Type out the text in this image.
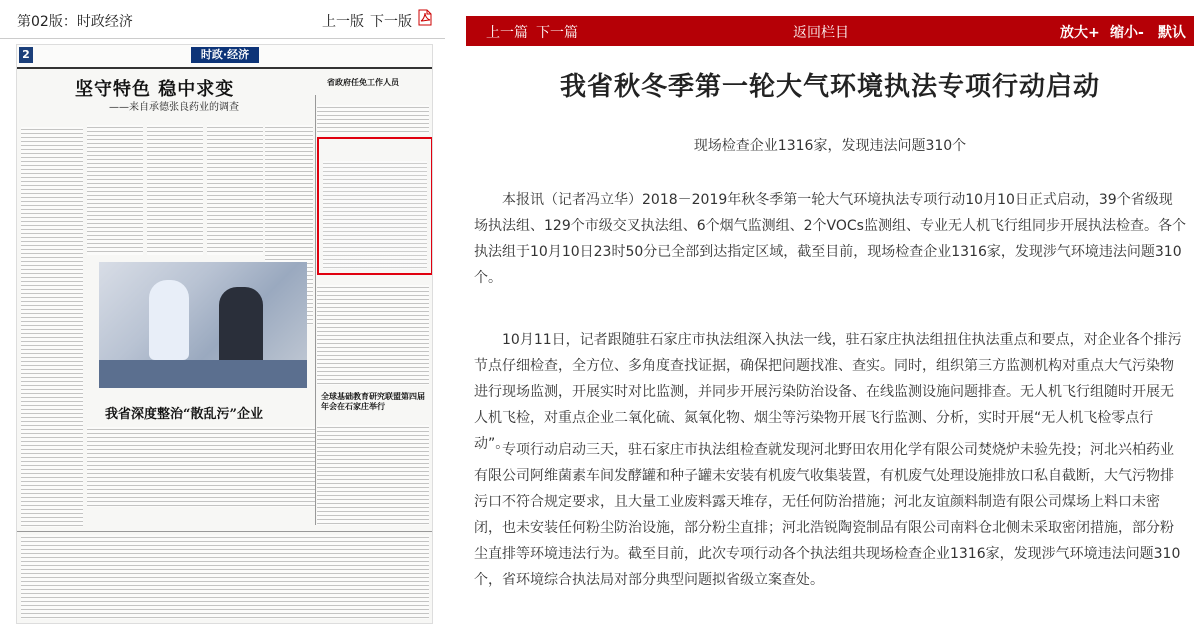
第02版：时政经济	上一版 下一版
2	时政·经济
坚守特色 稳中求变
——来自承德张良药业的调查
省政府任免工作人员
全球基础教育研究联盟第四届年会在石家庄举行
我省深度整治“散乱污”企业
上一篇 下一篇	返回栏目	放大+ 缩小- 默认
我省秋冬季第一轮大气环境执法专项行动启动
现场检查企业1316家，发现违法问题310个

本报讯（记者冯立华）2018－2019年秋冬季第一轮大气环境执法专项行动10月10日正式启动，39个省级现场执法组、129个市级交叉执法组、6个烟气监测组、2个VOCs监测组、专业无人机飞行组同步开展执法检查。各个执法组于10月10日23时50分已全部到达指定区域，截至目前，现场检查企业1316家，发现涉气环境违法问题310个。

10月11日，记者跟随驻石家庄市执法组深入执法一线，驻石家庄执法组扭住执法重点和要点，对企业各个排污节点仔细检查，全方位、多角度查找证据，确保把问题找准、查实。同时，组织第三方监测机构对重点大气污染物进行现场监测，开展实时对比监测，并同步开展污染防治设备、在线监测设施问题排查。无人机飞行组随时开展无人机飞检，对重点企业二氧化硫、氮氧化物、烟尘等污染物开展飞行监测、分析，实时开展“无人机飞检零点行动”。

专项行动启动三天，驻石家庄市执法组检查就发现河北野田农用化学有限公司焚烧炉未验先投；河北兴柏药业有限公司阿维菌素车间发酵罐和种子罐未安装有机废气收集装置，有机废气处理设施排放口私自截断，大气污物排污口不符合规定要求，且大量工业废料露天堆存，无任何防治措施；河北友谊颜料制造有限公司煤场上料口未密闭，也未安装任何粉尘防治设施，部分粉尘直排；河北浩锐陶瓷制品有限公司南料仓北侧未采取密闭措施，部分粉尘直排等环境违法行为。截至目前，此次专项行动各个执法组共现场检查企业1316家，发现涉气环境违法问题310个，省环境综合执法局对部分典型问题拟省级立案查处。
